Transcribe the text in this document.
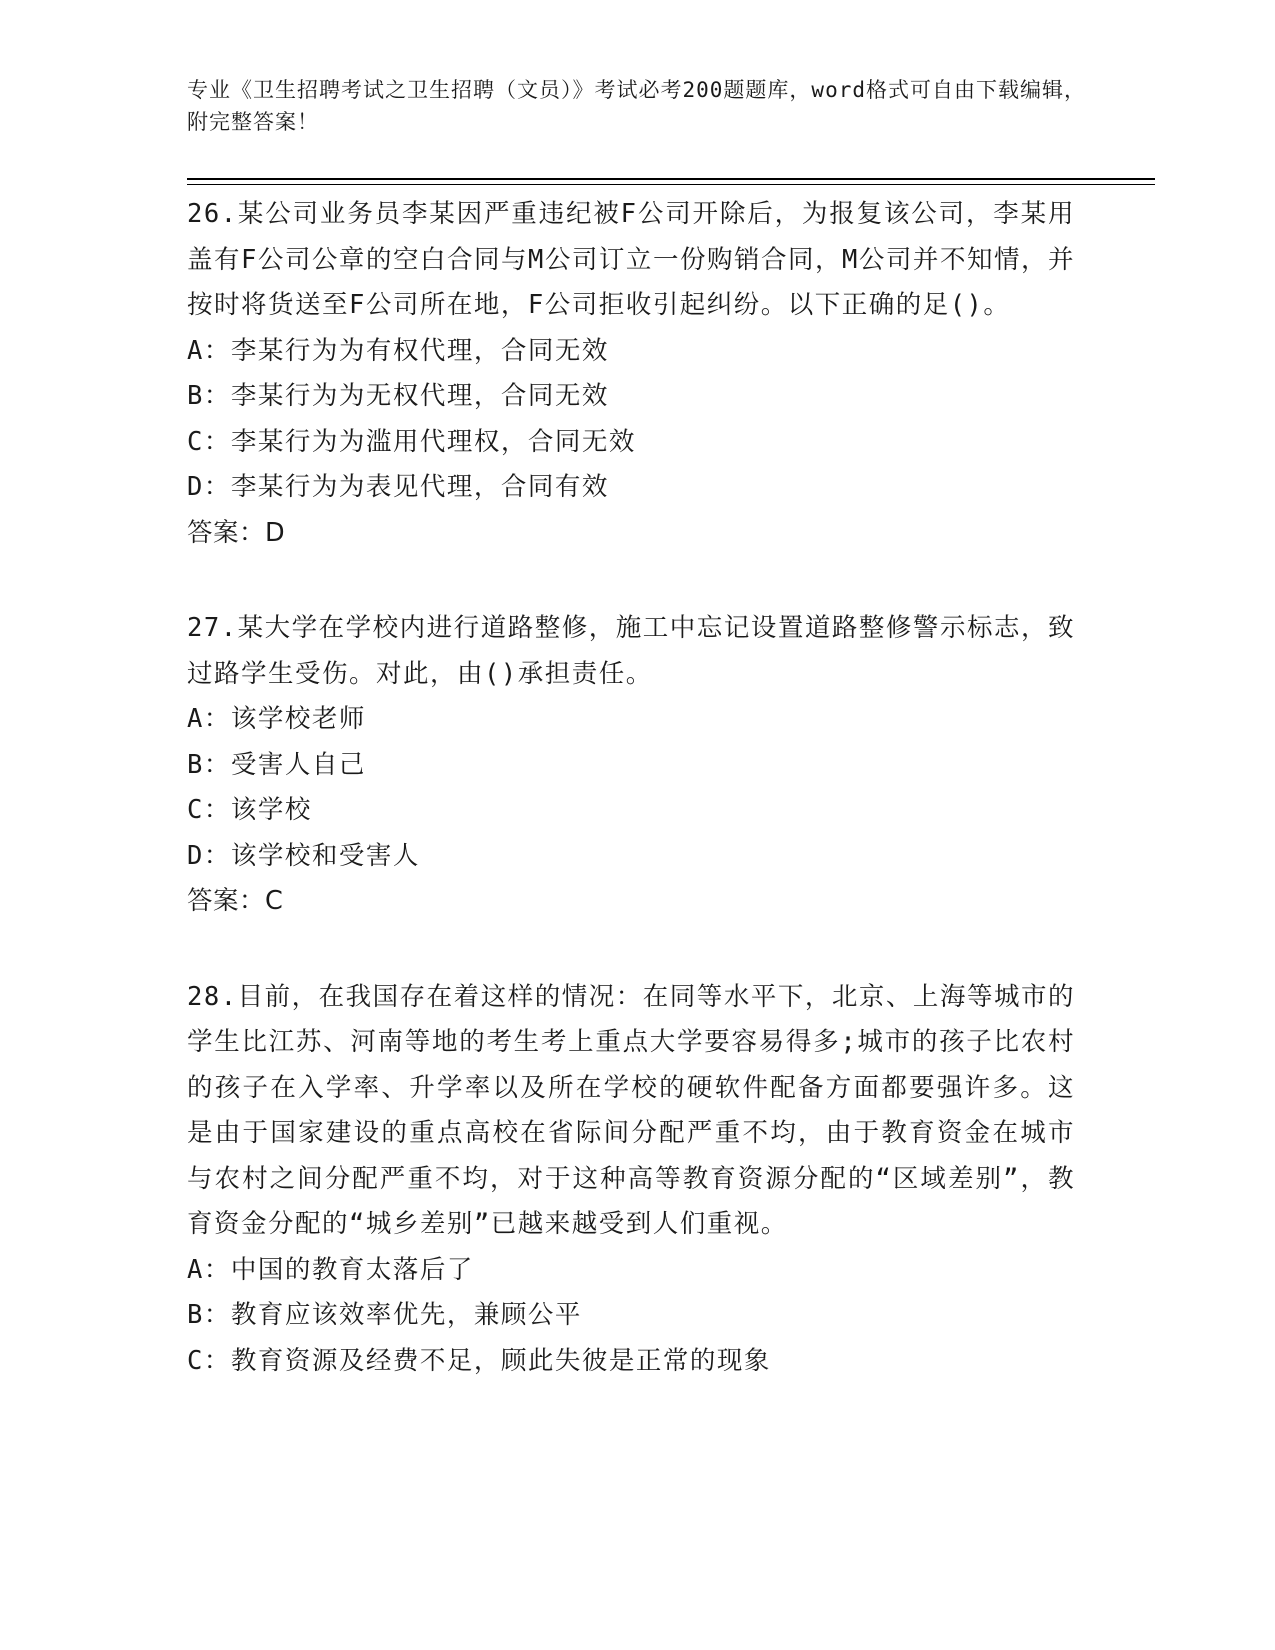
专业《卫生招聘考试之卫生招聘（文员）》考试必考200题题库，word格式可自由下载编辑，附完整答案！

26.某公司业务员李某因严重违纪被F公司开除后，为报复该公司，李某用盖有F公司公章的空白合同与M公司订立一份购销合同，M公司并不知情，并按时将货送至F公司所在地，F公司拒收引起纠纷。以下正确的足()。

A：李某行为为有权代理，合同无效

B：李某行为为无权代理，合同无效

C：李某行为为滥用代理权，合同无效

D：李某行为为表见代理，合同有效

答案：D

27.某大学在学校内进行道路整修，施工中忘记设置道路整修警示标志，致过路学生受伤。对此，由()承担责任。

A：该学校老师

B：受害人自己

C：该学校

D：该学校和受害人

答案：C

28.目前，在我国存在着这样的情况：在同等水平下，北京、上海等城市的学生比江苏、河南等地的考生考上重点大学要容易得多;城市的孩子比农村的孩子在入学率、升学率以及所在学校的硬软件配备方面都要强许多。这是由于国家建设的重点高校在省际间分配严重不均，由于教育资金在城市与农村之间分配严重不均，对于这种高等教育资源分配的“区域差别”，教育资金分配的“城乡差别”已越来越受到人们重视。

A：中国的教育太落后了

B：教育应该效率优先，兼顾公平

C：教育资源及经费不足，顾此失彼是正常的现象
